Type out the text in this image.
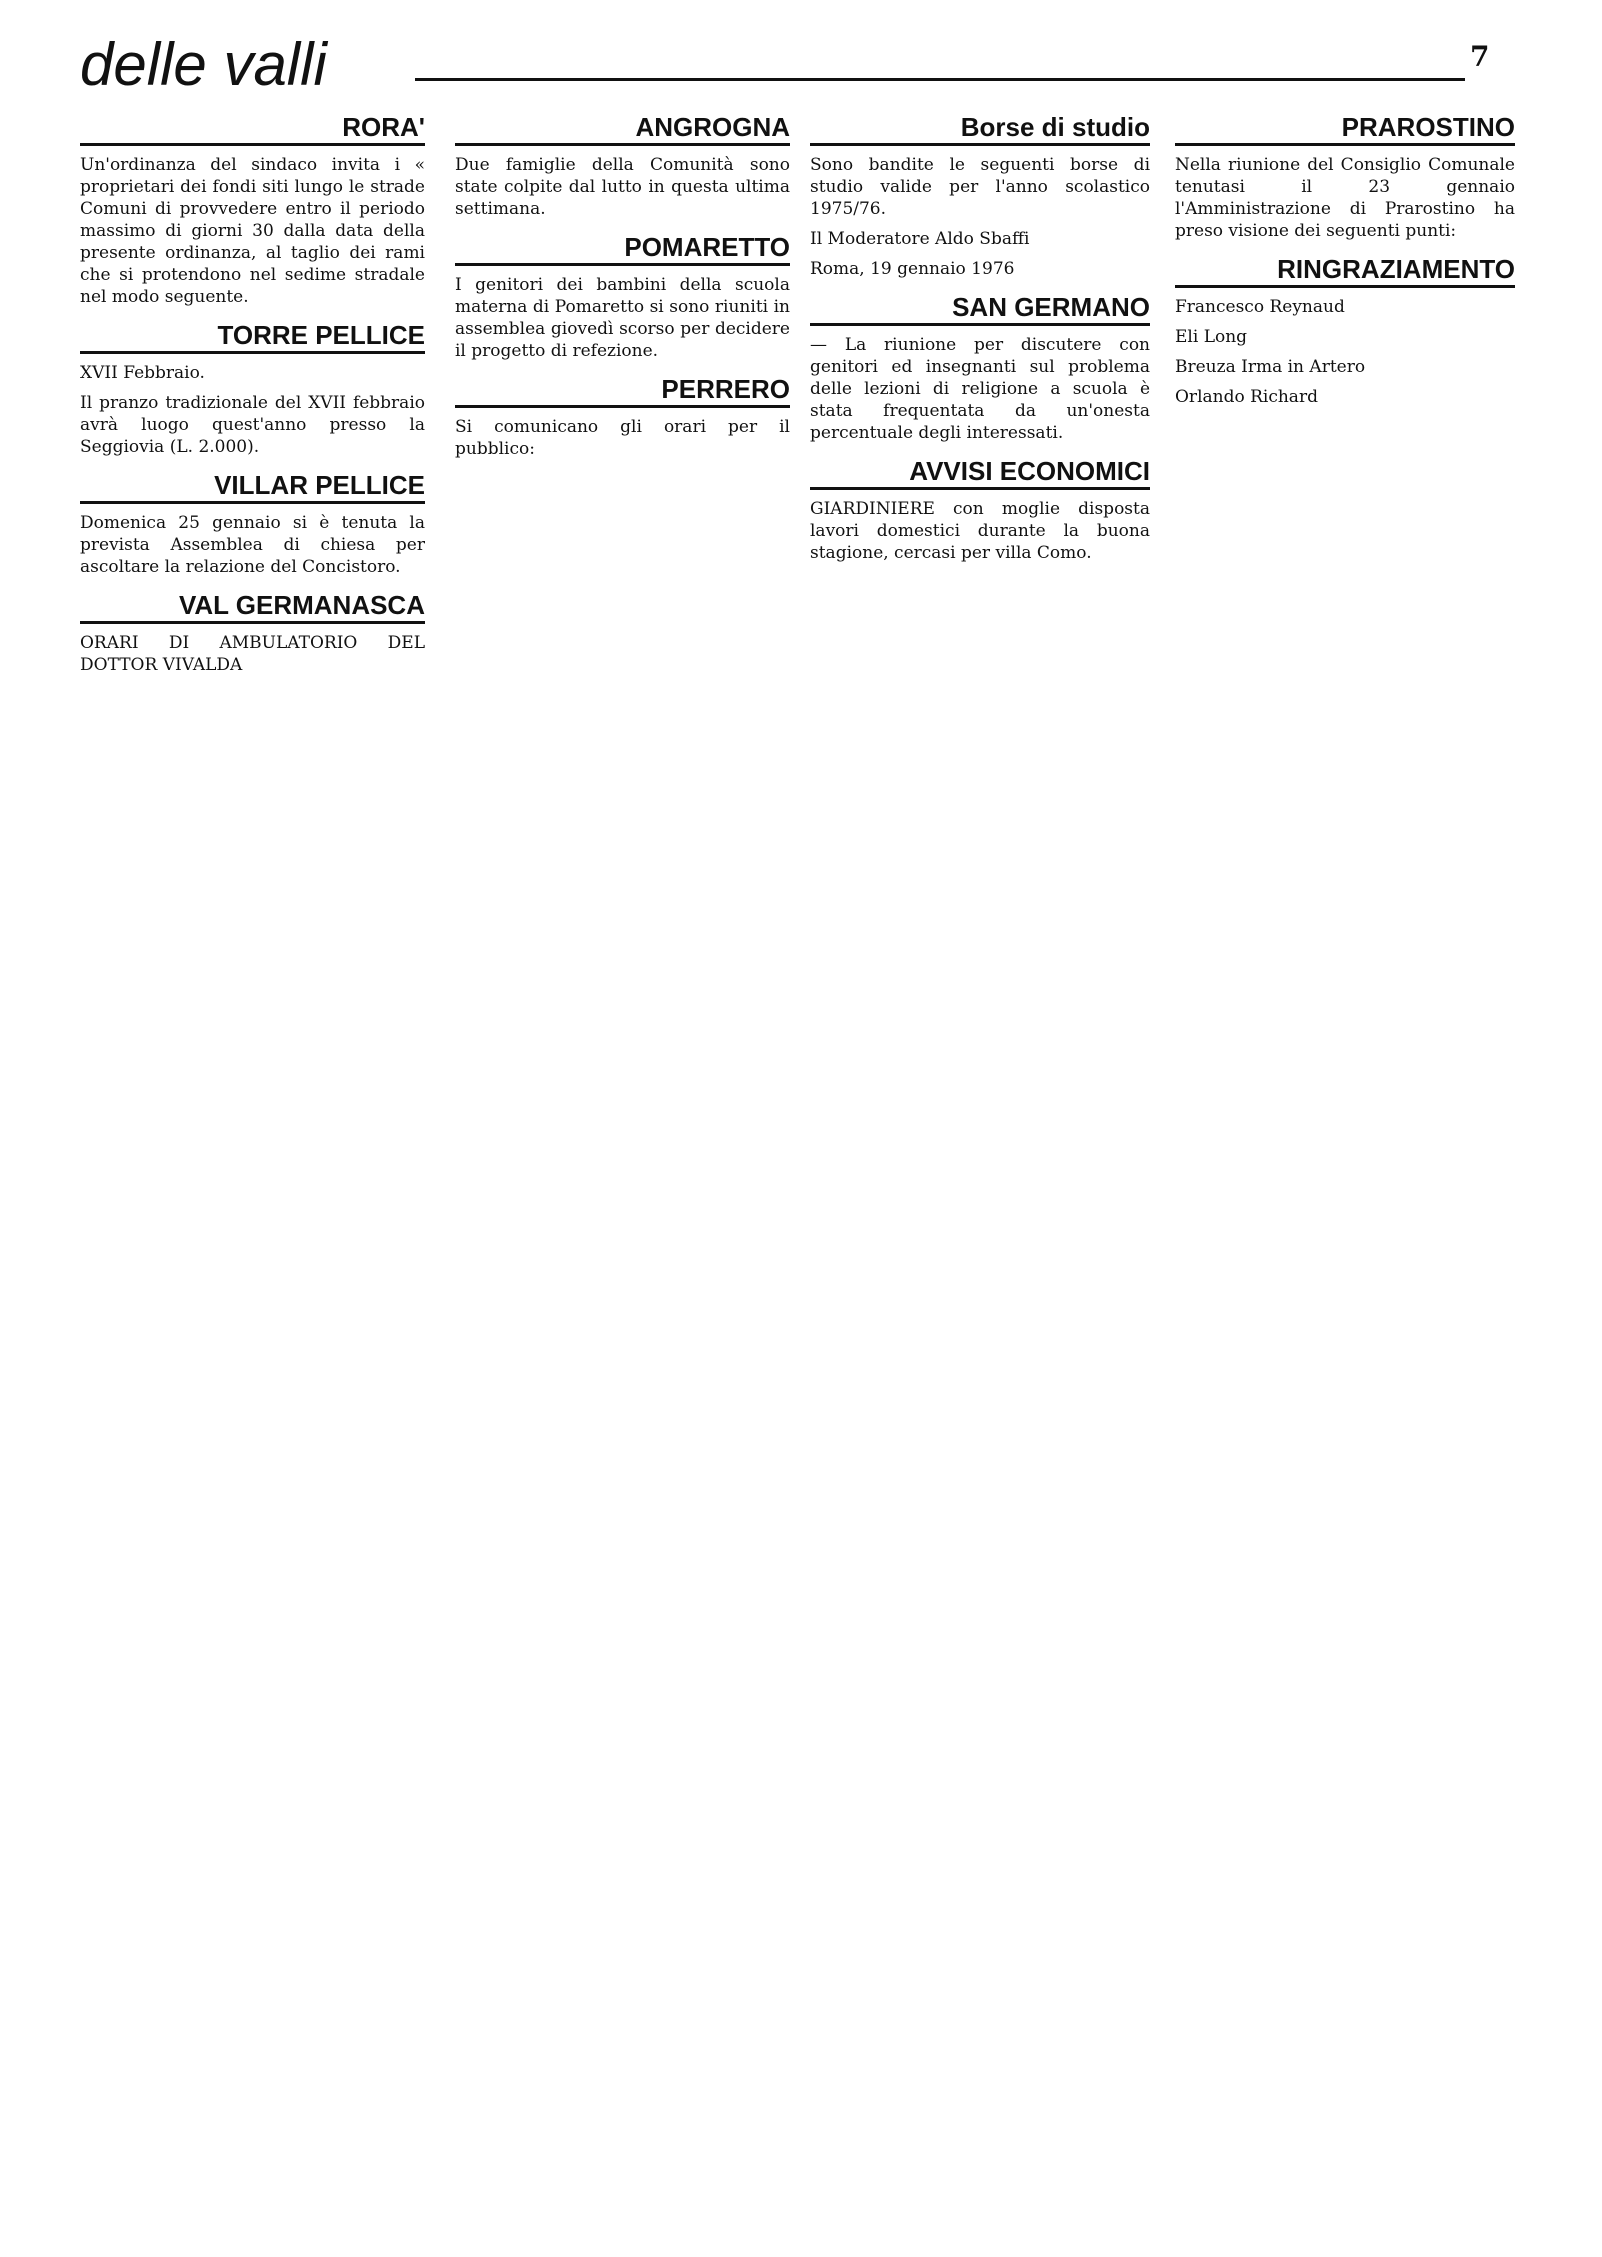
delle valli	7
RORA'

Un'ordinanza del sindaco invita i « proprietari dei fondi siti lungo le strade Comuni di provvedere entro il periodo massimo di giorni 30 dalla data della presente ordinanza, al taglio dei rami che si protendono nel sedime stradale nel modo seguente.

TORRE PELLICE

XVII Febbraio.

Il pranzo tradizionale del XVII febbraio avrà luogo quest'anno presso la Seggiovia (L. 2.000).

VILLAR PELLICE

Domenica 25 gennaio si è tenuta la prevista Assemblea di chiesa per ascoltare la relazione del Concistoro.

VAL GERMANASCA

ORARI DI AMBULATORIO DEL DOTTOR VIVALDA

ANGROGNA

Due famiglie della Comunità sono state colpite dal lutto in questa ultima settimana.

POMARETTO

I genitori dei bambini della scuola materna di Pomaretto si sono riuniti in assemblea giovedì scorso per decidere il progetto di refezione.

PERRERO

Si comunicano gli orari per il pubblico:

Borse di studio

Sono bandite le seguenti borse di studio valide per l'anno scolastico 1975/76.

Il Moderatore Aldo Sbaffi

Roma, 19 gennaio 1976

SAN GERMANO

— La riunione per discutere con genitori ed insegnanti sul problema delle lezioni di religione a scuola è stata frequentata da un'onesta percentuale degli interessati.

AVVISI ECONOMICI

GIARDINIERE con moglie disposta lavori domestici durante la buona stagione, cercasi per villa Como.

PRAROSTINO

Nella riunione del Consiglio Comunale tenutasi il 23 gennaio l'Amministrazione di Prarostino ha preso visione dei seguenti punti:

RINGRAZIAMENTO

Francesco Reynaud

Eli Long

Breuza Irma in Artero

Orlando Richard
